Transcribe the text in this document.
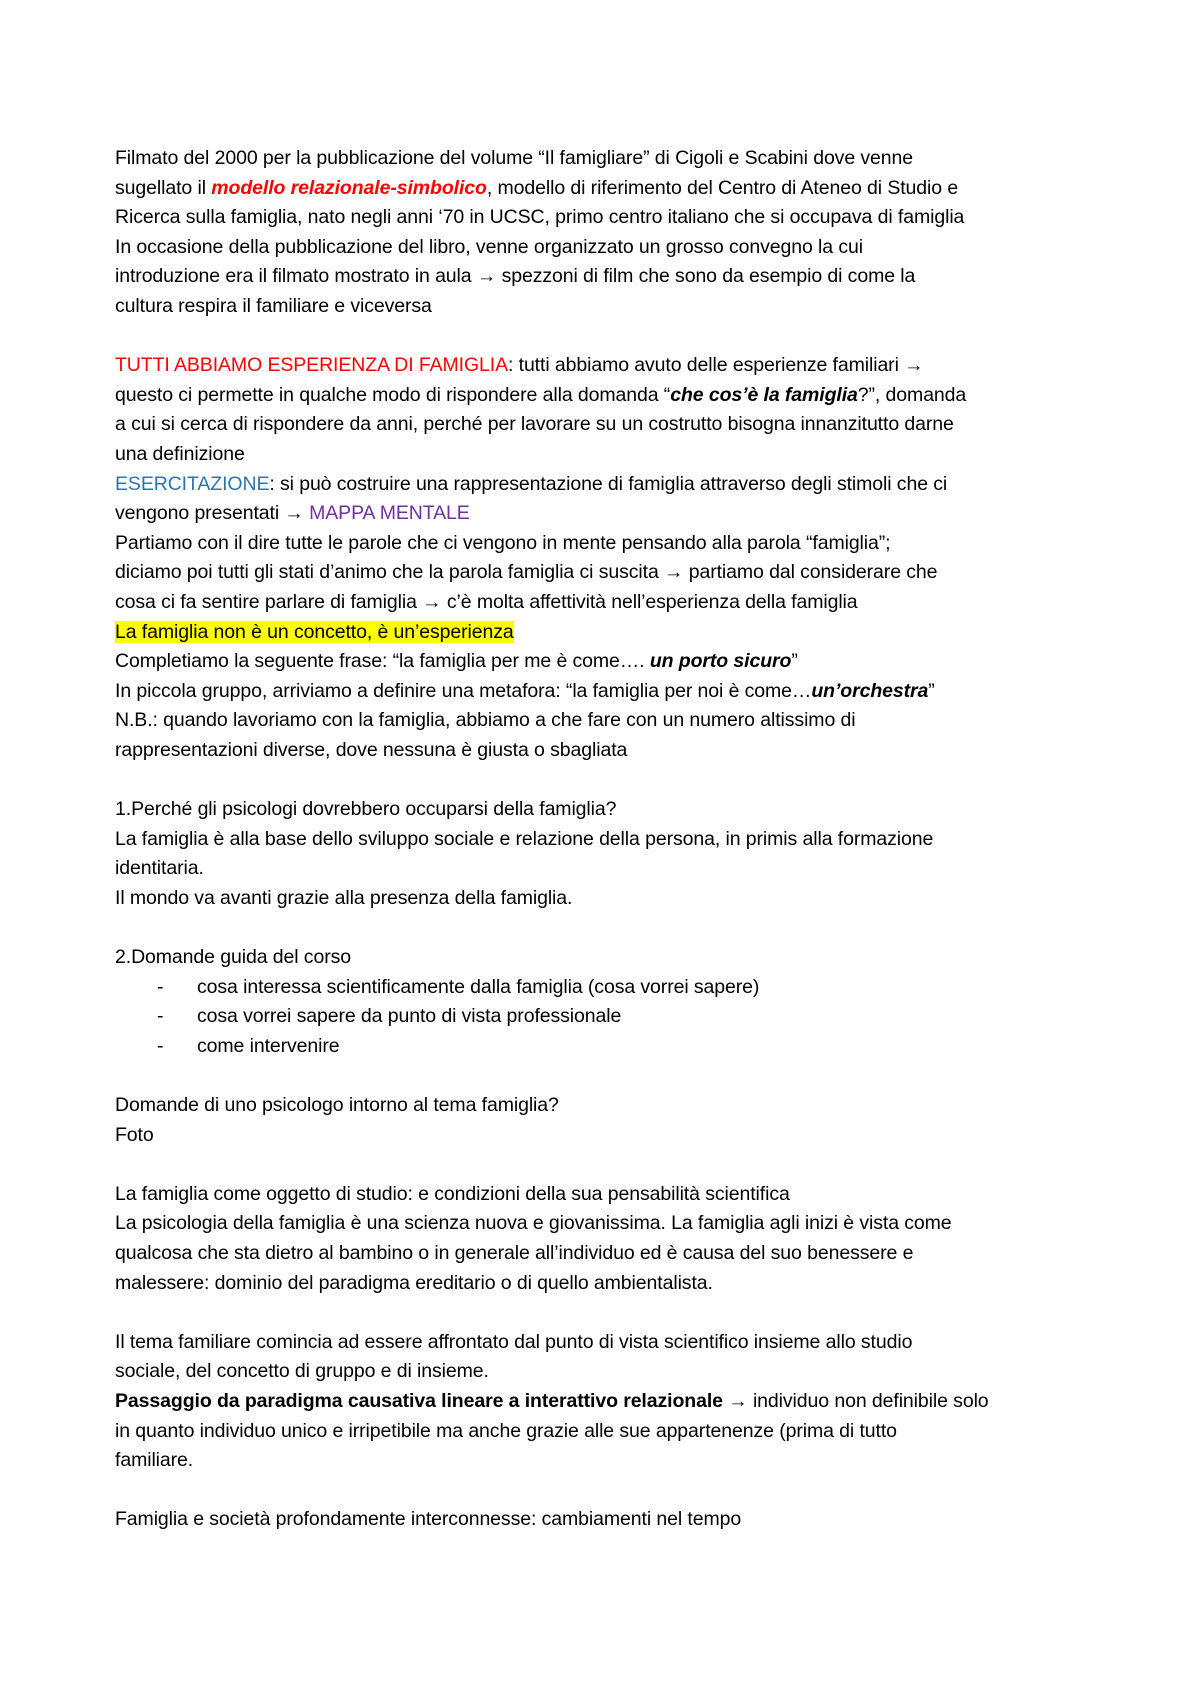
Filmato del 2000 per la pubblicazione del volume “Il famigliare” di Cigoli e Scabini dove venne
sugellato il modello relazionale-simbolico, modello di riferimento del Centro di Ateneo di Studio e
Ricerca sulla famiglia, nato negli anni ‘70 in UCSC, primo centro italiano che si occupava di famiglia
In occasione della pubblicazione del libro, venne organizzato un grosso convegno la cui
introduzione era il filmato mostrato in aula → spezzoni di film che sono da esempio di come la
cultura respira il familiare e viceversa
TUTTI ABBIAMO ESPERIENZA DI FAMIGLIA: tutti abbiamo avuto delle esperienze familiari →
questo ci permette in qualche modo di rispondere alla domanda “che cos’è la famiglia?”, domanda
a cui si cerca di rispondere da anni, perché per lavorare su un costrutto bisogna innanzitutto darne
una definizione
ESERCITAZIONE: si può costruire una rappresentazione di famiglia attraverso degli stimoli che ci
vengono presentati → MAPPA MENTALE
Partiamo con il dire tutte le parole che ci vengono in mente pensando alla parola “famiglia”;
diciamo poi tutti gli stati d’animo che la parola famiglia ci suscita → partiamo dal considerare che
cosa ci fa sentire parlare di famiglia → c’è molta affettività nell’esperienza della famiglia
La famiglia non è un concetto, è un’esperienza
Completiamo la seguente frase: “la famiglia per me è come…. un porto sicuro”
In piccola gruppo, arriviamo a definire una metafora: “la famiglia per noi è come…un’orchestra”
N.B.: quando lavoriamo con la famiglia, abbiamo a che fare con un numero altissimo di
rappresentazioni diverse, dove nessuna è giusta o sbagliata
1.Perché gli psicologi dovrebbero occuparsi della famiglia?
La famiglia è alla base dello sviluppo sociale e relazione della persona, in primis alla formazione
identitaria.
Il mondo va avanti grazie alla presenza della famiglia.
2.Domande guida del corso
-	cosa interessa scientificamente dalla famiglia (cosa vorrei sapere)
-	cosa vorrei sapere da punto di vista professionale
-	come intervenire
Domande di uno psicologo intorno al tema famiglia?
Foto
La famiglia come oggetto di studio: e condizioni della sua pensabilità scientifica
La psicologia della famiglia è una scienza nuova e giovanissima. La famiglia agli inizi è vista come
qualcosa che sta dietro al bambino o in generale all’individuo ed è causa del suo benessere e
malessere: dominio del paradigma ereditario o di quello ambientalista.
Il tema familiare comincia ad essere affrontato dal punto di vista scientifico insieme allo studio
sociale, del concetto di gruppo e di insieme.
Passaggio da paradigma causativa lineare a interattivo relazionale → individuo non definibile solo
in quanto individuo unico e irripetibile ma anche grazie alle sue appartenenze (prima di tutto
familiare.
Famiglia e società profondamente interconnesse: cambiamenti nel tempo
